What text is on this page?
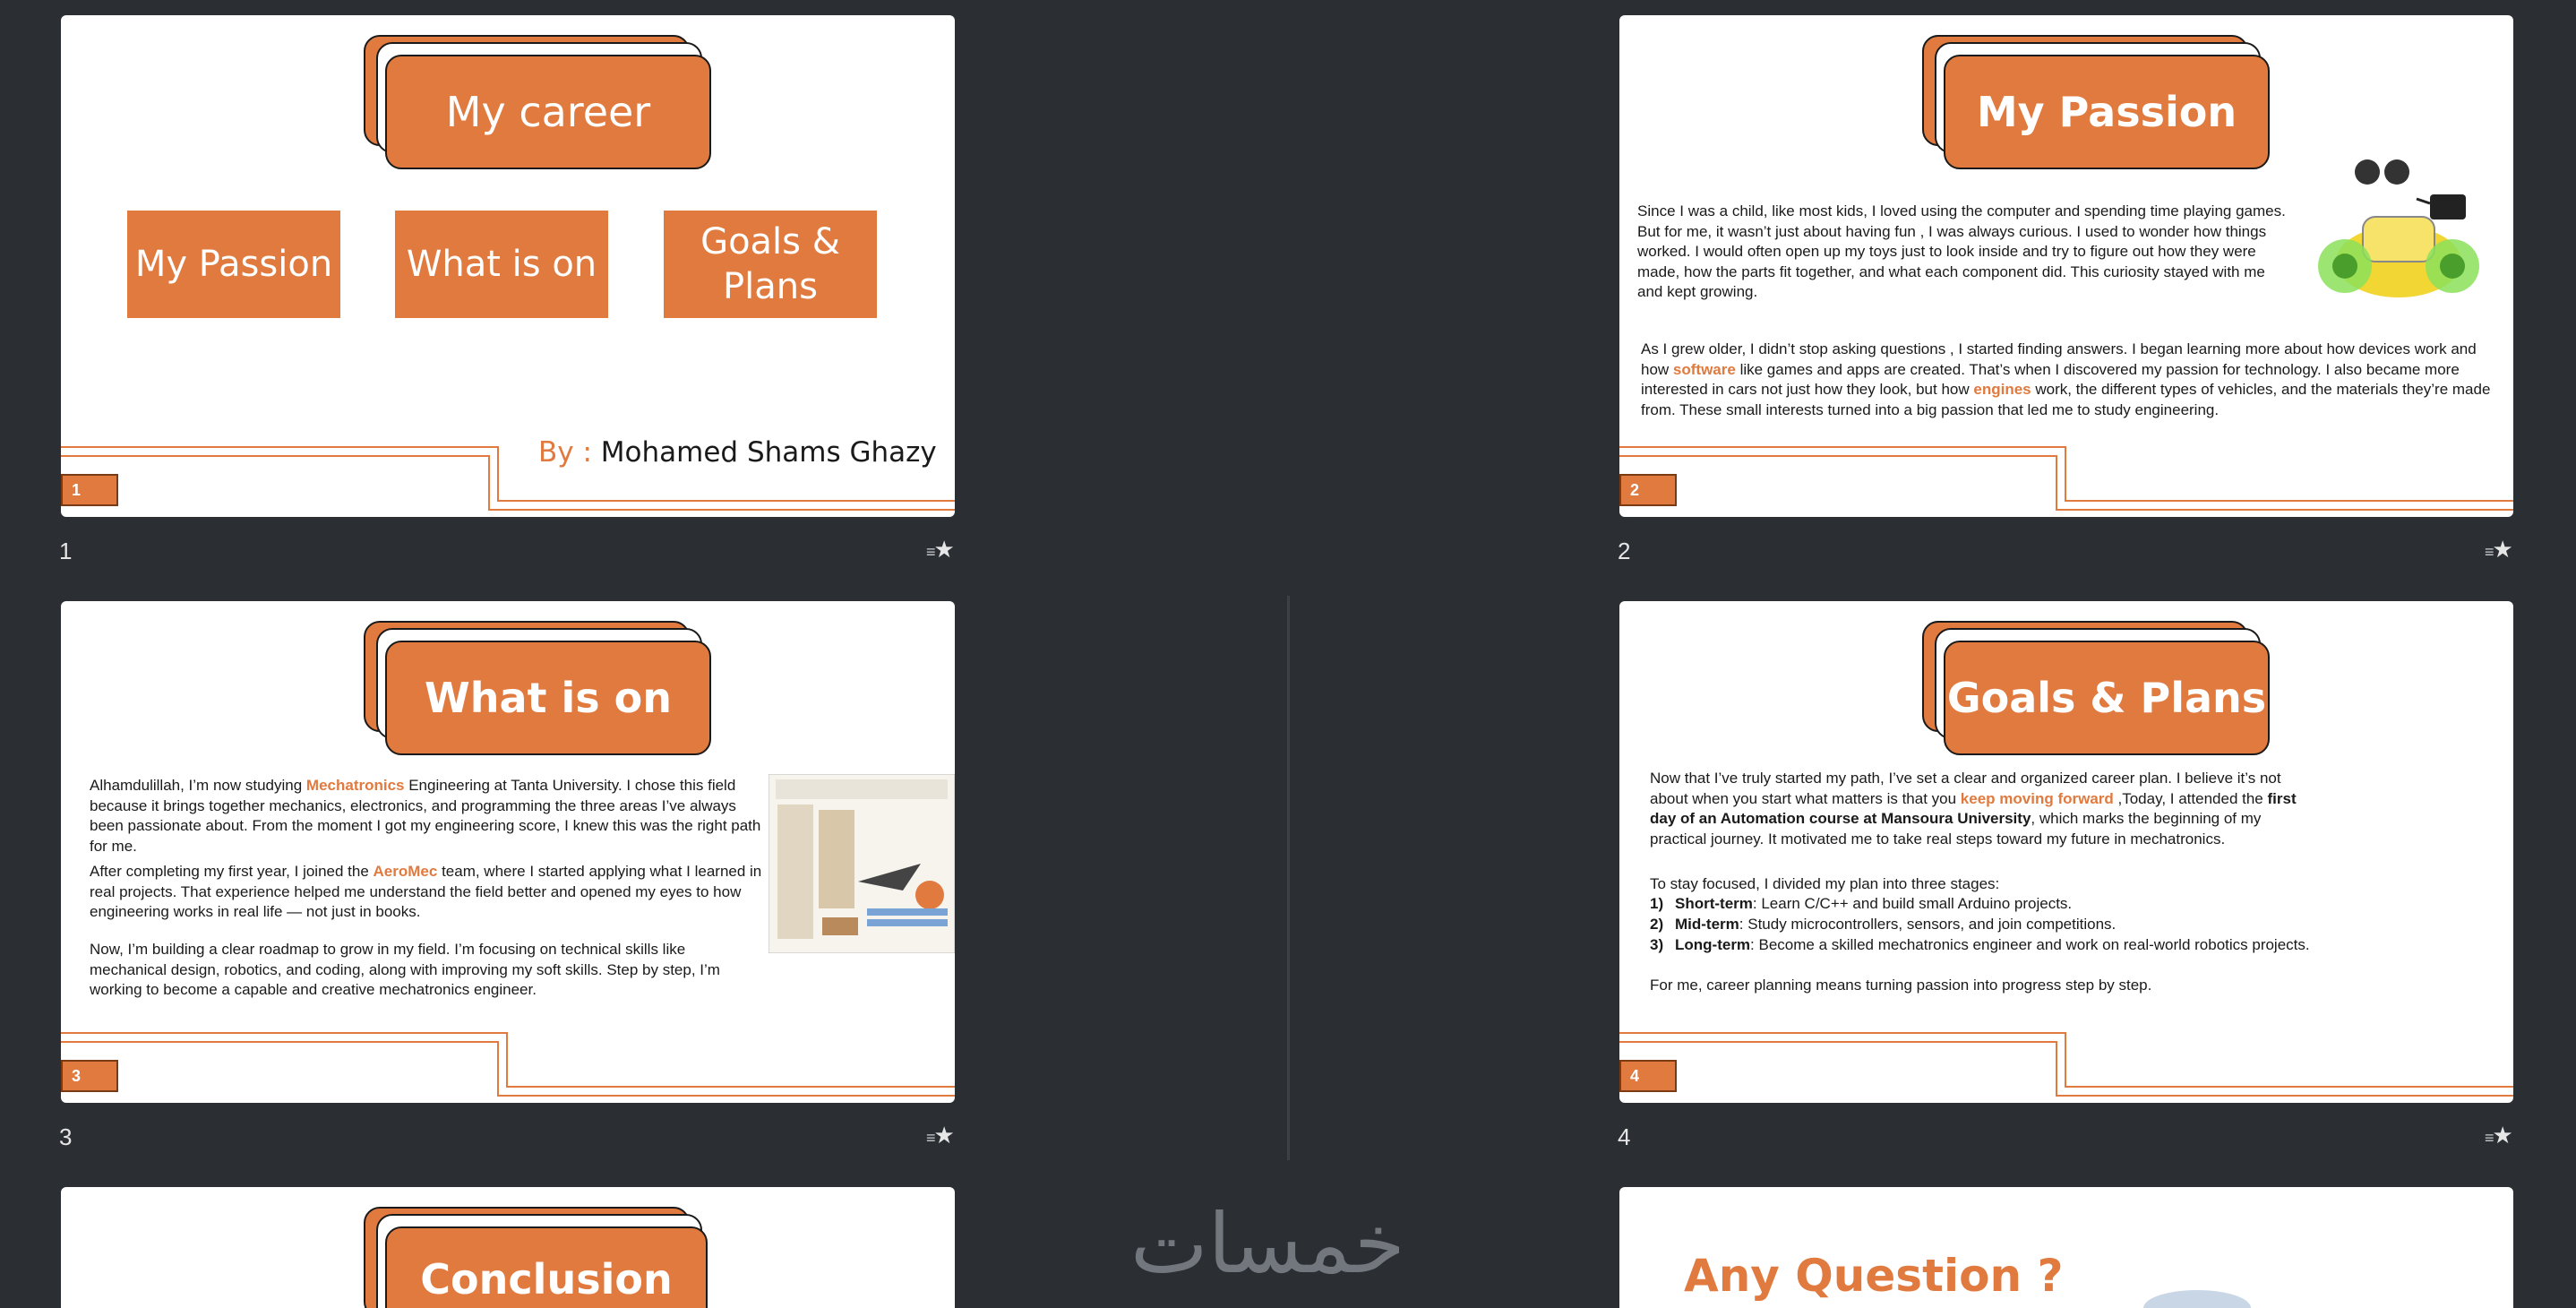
My career
My Passion	What is on
Goals & Plans
By : Mohamed Shams Ghazy
1
1	≡ ★
My Passion
Since I was a child, like most kids, I loved using the computer and spending time playing games. But for me, it wasn’t just about having fun , I was always curious. I used to wonder how things worked. I would often open up my toys just to look inside and try to figure out how they were made, how the parts fit together, and what each component did. This curiosity stayed with me and kept growing.
As I grew older, I didn’t stop asking questions , I started finding answers. I began learning more about how devices work and how software like games and apps are created. That’s when I discovered my passion for technology. I also became more interested in cars not just how they look, but how engines work, the different types of vehicles, and the materials they’re made from. These small interests turned into a big passion that led me to study engineering.
2
2	≡ ★
What is on
Alhamdulillah, I’m now studying Mechatronics Engineering at Tanta University. I chose this field because it brings together mechanics, electronics, and programming the three areas I’ve always been passionate about. From the moment I got my engineering score, I knew this was the right path for me.
After completing my first year, I joined the AeroMec team, where I started applying what I learned in real projects. That experience helped me understand the field better and opened my eyes to how engineering works in real life — not just in books.
Now, I’m building a clear roadmap to grow in my field. I’m focusing on technical skills like mechanical design, robotics, and coding, along with improving my soft skills. Step by step, I’m working to become a capable and creative mechatronics engineer.
3
3	≡ ★
Goals & Plans
Now that I’ve truly started my path, I’ve set a clear and organized career plan. I believe it’s not about when you start what matters is that you keep moving forward ,Today, I attended the first day of an Automation course at Mansoura University, which marks the beginning of my practical journey. It motivated me to take real steps toward my future in mechatronics.
To stay focused, I divided my plan into three stages:
1) Short-term: Learn C/C++ and build small Arduino projects.
2) Mid-term: Study microcontrollers, sensors, and join competitions.
3) Long-term: Become a skilled mechatronics engineer and work on real-world robotics projects.
For me, career planning means turning passion into progress step by step.
4
4	≡ ★
Conclusion	Any Question ?
خمسات
